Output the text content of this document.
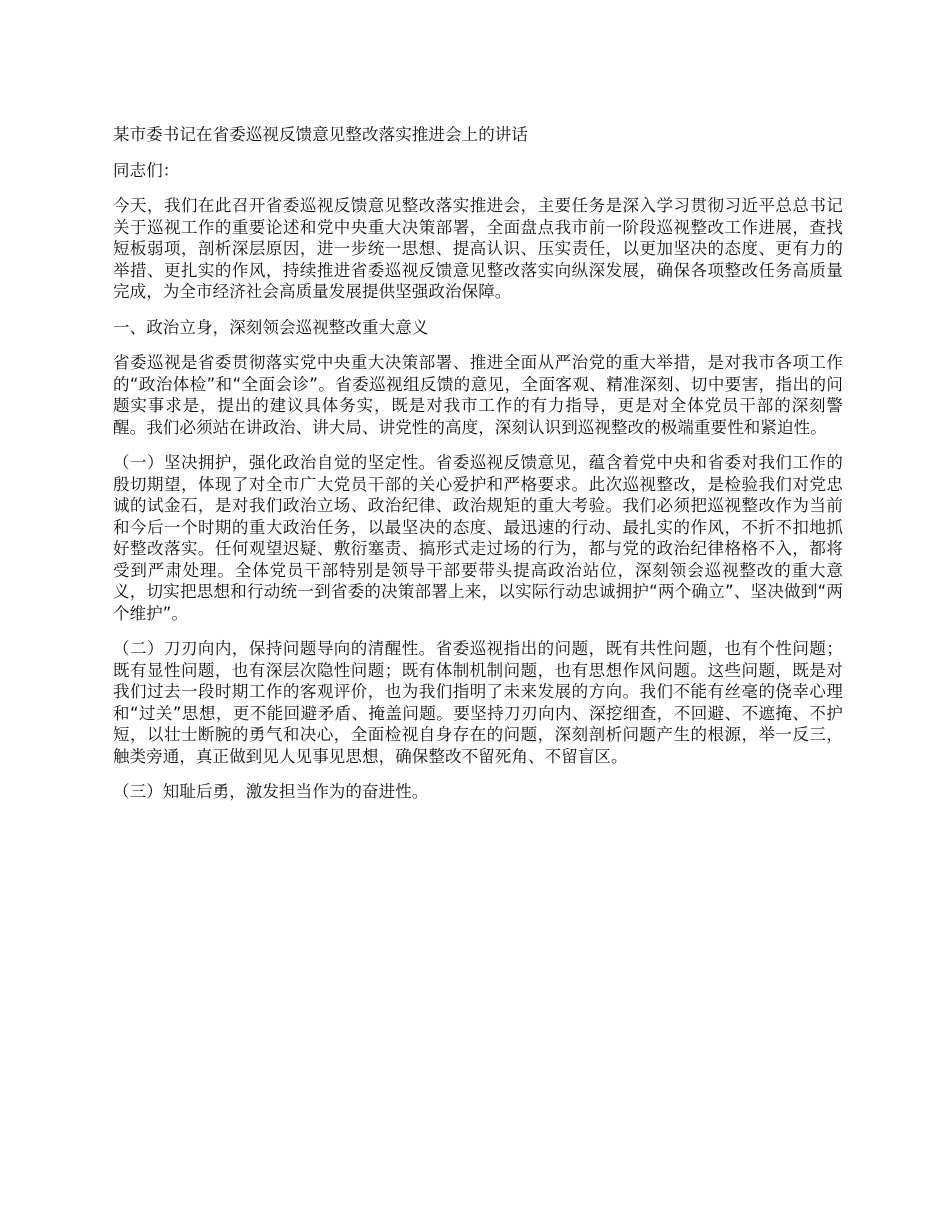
某市委书记在省委巡视反馈意见整改落实推进会上的讲话

同志们：

今天，我们在此召开省委巡视反馈意见整改落实推进会，主要任务是深入学习贯彻习近平总总书记关于巡视工作的重要论述和党中央重大决策部署，全面盘点我市前一阶段巡视整改工作进展，查找短板弱项，剖析深层原因，进一步统一思想、提高认识、压实责任，以更加坚决的态度、更有力的举措、更扎实的作风，持续推进省委巡视反馈意见整改落实向纵深发展，确保各项整改任务高质量完成，为全市经济社会高质量发展提供坚强政治保障。

一、政治立身，深刻领会巡视整改重大意义

省委巡视是省委贯彻落实党中央重大决策部署、推进全面从严治党的重大举措，是对我市各项工作的“政治体检”和“全面会诊”。省委巡视组反馈的意见，全面客观、精准深刻、切中要害，指出的问题实事求是，提出的建议具体务实，既是对我市工作的有力指导，更是对全体党员干部的深刻警醒。我们必须站在讲政治、讲大局、讲党性的高度，深刻认识到巡视整改的极端重要性和紧迫性。

（一）坚决拥护，强化政治自觉的坚定性。省委巡视反馈意见，蕴含着党中央和省委对我们工作的殷切期望，体现了对全市广大党员干部的关心爱护和严格要求。此次巡视整改，是检验我们对党忠诚的试金石，是对我们政治立场、政治纪律、政治规矩的重大考验。我们必须把巡视整改作为当前和今后一个时期的重大政治任务，以最坚决的态度、最迅速的行动、最扎实的作风，不折不扣地抓好整改落实。任何观望迟疑、敷衍塞责、搞形式走过场的行为，都与党的政治纪律格格不入，都将受到严肃处理。全体党员干部特别是领导干部要带头提高政治站位，深刻领会巡视整改的重大意义，切实把思想和行动统一到省委的决策部署上来，以实际行动忠诚拥护“两个确立”、坚决做到“两个维护”。

（二）刀刃向内，保持问题导向的清醒性。省委巡视指出的问题，既有共性问题，也有个性问题；既有显性问题，也有深层次隐性问题；既有体制机制问题，也有思想作风问题。这些问题，既是对我们过去一段时期工作的客观评价，也为我们指明了未来发展的方向。我们不能有丝毫的侥幸心理和“过关”思想，更不能回避矛盾、掩盖问题。要坚持刀刃向内、深挖细查，不回避、不遮掩、不护短，以壮士断腕的勇气和决心，全面检视自身存在的问题，深刻剖析问题产生的根源，举一反三，触类旁通，真正做到见人见事见思想，确保整改不留死角、不留盲区。

（三）知耻后勇，激发担当作为的奋进性。
